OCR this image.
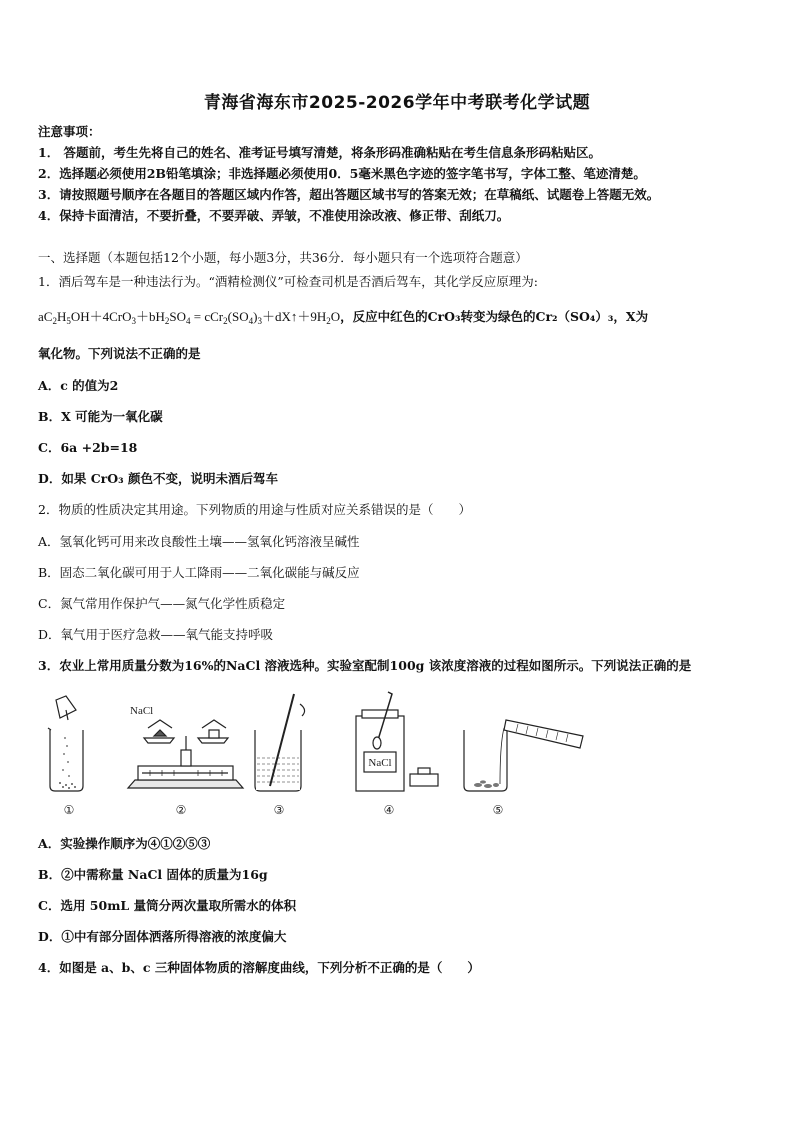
青海省海东市2025-2026学年中考联考化学试题
注意事项：
1． 答题前，考生先将自己的姓名、准考证号填写清楚，将条形码准确粘贴在考生信息条形码粘贴区。
2．选择题必须使用2B铅笔填涂；非选择题必须使用0．5毫米黑色字迹的签字笔书写，字体工整、笔迹清楚。
3．请按照题号顺序在各题目的答题区域内作答，超出答题区域书写的答案无效；在草稿纸、试题卷上答题无效。
4．保持卡面清洁，不要折叠，不要弄破、弄皱，不准使用涂改液、修正带、刮纸刀。
一、选择题（本题包括12个小题，每小题3分，共36分．每小题只有一个选项符合题意）
1．酒后驾车是一种违法行为。“酒精检测仪”可检查司机是否酒后驾车，其化学反应原理为:
$aC_2H_5OH+4CrO_3+bH_2SO_4$ = $cCr_2(SO_4)_3+dX↑+9H_2O$，反应中红色的CrO₃转变为绿色的Cr₂（SO₄）₃，X为
氧化物。下列说法不正确的是
A．c 的值为2
B．X 可能为一氧化碳
C．6a +2b=18
D．如果 CrO₃ 颜色不变，说明未酒后驾车
2．物质的性质决定其用途。下列物质的用途与性质对应关系错误的是（　　）
A．氢氧化钙可用来改良酸性土壤——氢氧化钙溶液呈碱性
B．固态二氧化碳可用于人工降雨——二氧化碳能与碱反应
C．氮气常用作保护气——氮气化学性质稳定
D．氧气用于医疗急救——氧气能支持呼吸
3．农业上常用质量分数为16%的NaCl 溶液选种。实验室配制100g 该浓度溶液的过程如图所示。下列说法正确的是
NaCl
①	②	③	④	⑤
NaCl
A．实验操作顺序为④①②⑤③
B．②中需称量 NaCl 固体的质量为16g
C．选用 50mL 量筒分两次量取所需水的体积
D．①中有部分固体洒落所得溶液的浓度偏大
4．如图是 a、b、c 三种固体物质的溶解度曲线，下列分析不正确的是（　　）
